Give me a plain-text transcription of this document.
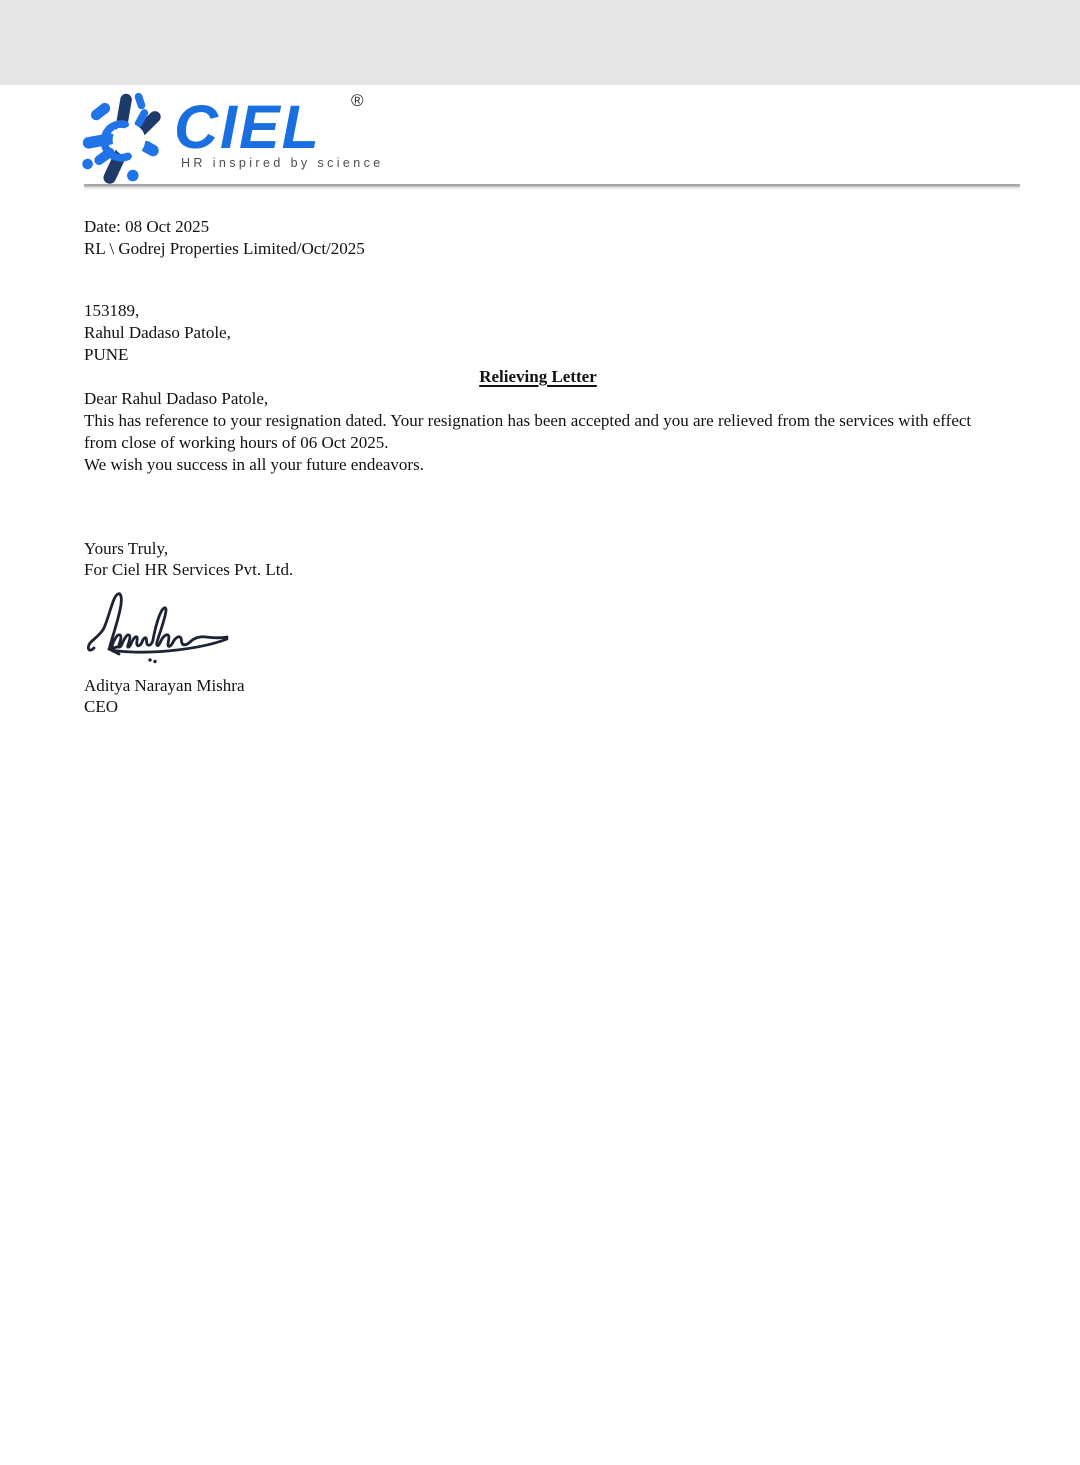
CIEL ®
HR inspired by science

Date: 08 Oct 2025

RL \ Godrej Properties Limited/Oct/2025

153189,

Rahul Dadaso Patole,

PUNE

Relieving Letter

Dear Rahul Dadaso Patole,

This has reference to your resignation dated. Your resignation has been accepted and you are relieved from the services with effect from close of working hours of 06 Oct 2025.

We wish you success in all your future endeavors.

Yours Truly,

For Ciel HR Services Pvt. Ltd.

Aditya Narayan Mishra

CEO
